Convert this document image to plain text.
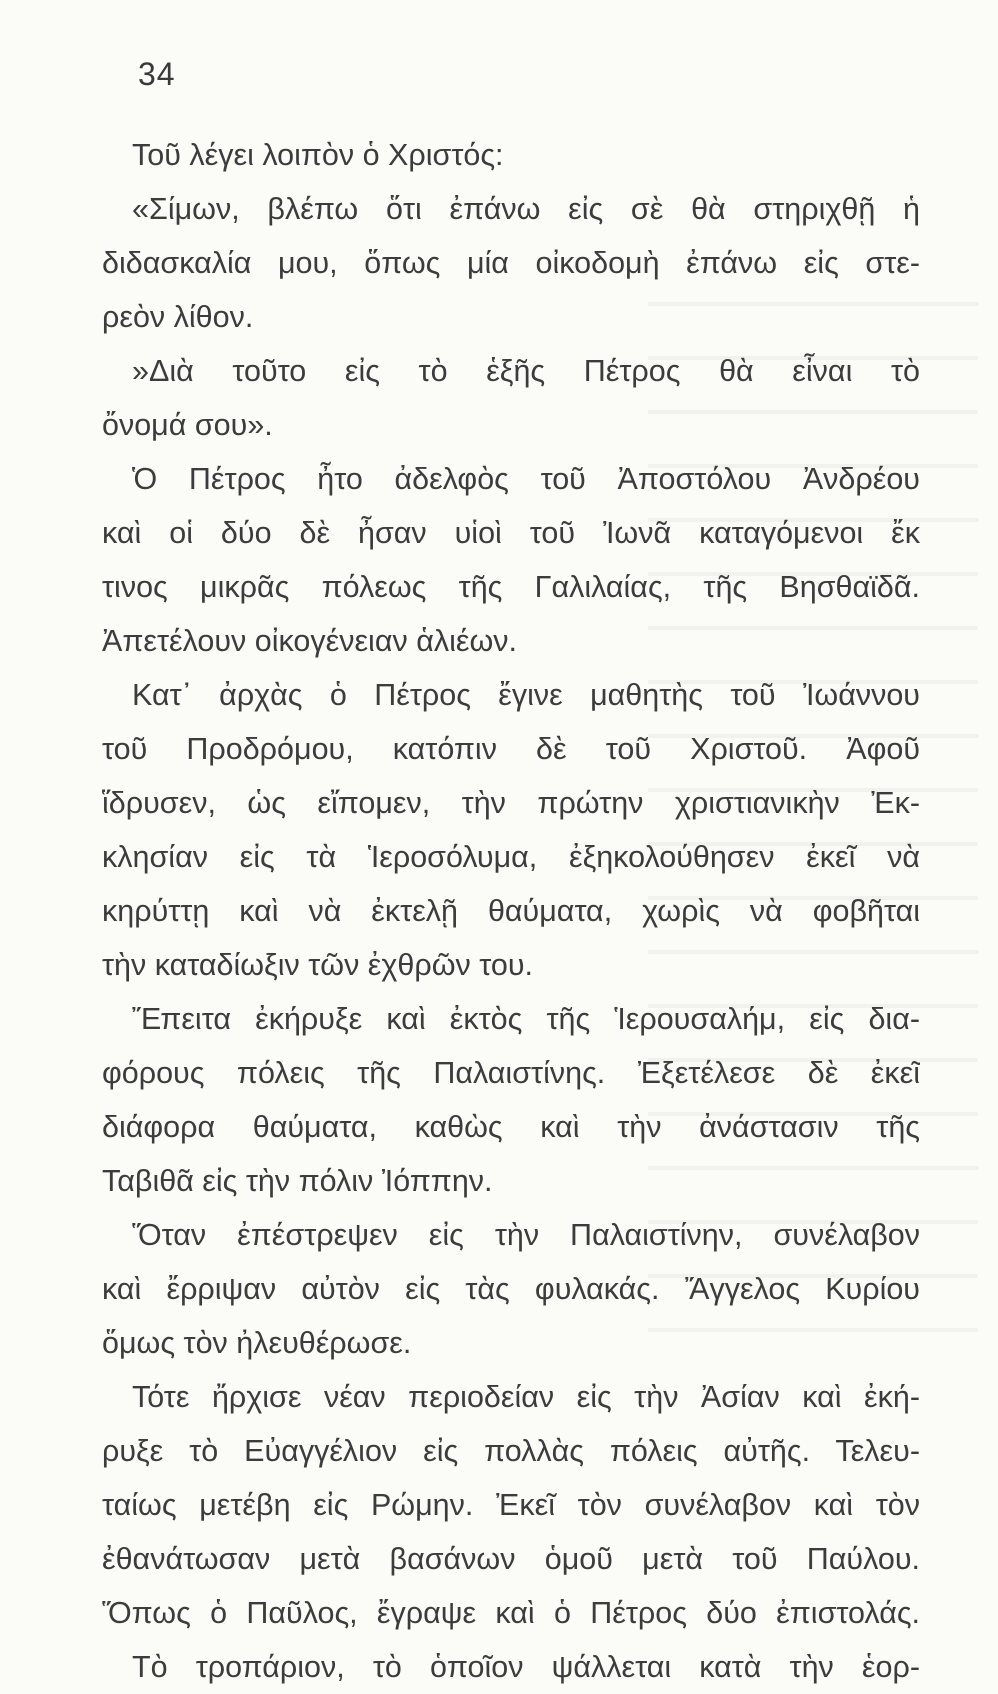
34
Τοῦ λέγει λοιπὸν ὁ Χριστός:
«Σίμων, βλέπω ὅτι ἐπάνω εἰς σὲ θὰ στηριχθῇ ἡ
διδασκαλία μου, ὅπως μία οἰκοδομὴ ἐπάνω εἰς στε-
ρεὸν λίθον.
»Διὰ τοῦτο εἰς τὸ ἑξῆς Πέτρος θὰ εἶναι τὸ
ὄνομά σου».
Ὁ Πέτρος ἦτο ἀδελφὸς τοῦ Ἀποστόλου Ἀνδρέου
καὶ οἱ δύο δὲ ἦσαν υἱοὶ τοῦ Ἰωνᾶ καταγόμενοι ἔκ
τινος μικρᾶς πόλεως τῆς Γαλιλαίας, τῆς Βησθαϊδᾶ.
Ἀπετέλουν οἰκογένειαν ἁλιέων.
Κατ᾿ ἀρχὰς ὁ Πέτρος ἔγινε μαθητὴς τοῦ Ἰωάννου
τοῦ Προδρόμου, κατόπιν δὲ τοῦ Χριστοῦ. Ἀφοῦ
ἵδρυσεν, ὡς εἴπομεν, τὴν πρώτην χριστιανικὴν Ἐκ-
κλησίαν εἰς τὰ Ἱεροσόλυμα, ἐξηκολούθησεν ἐκεῖ νὰ
κηρύττῃ καὶ νὰ ἐκτελῇ θαύματα, χωρὶς νὰ φοβῆται
τὴν καταδίωξιν τῶν ἐχθρῶν του.
Ἔπειτα ἐκήρυξε καὶ ἐκτὸς τῆς Ἱερουσαλήμ, εἰς δια-
φόρους πόλεις τῆς Παλαιστίνης. Ἐξετέλεσε δὲ ἐκεῖ
διάφορα θαύματα, καθὼς καὶ τὴν ἀνάστασιν τῆς
Ταβιθᾶ εἰς τὴν πόλιν Ἰόππην.
Ὅταν ἐπέστρεψεν εἰς τὴν Παλαιστίνην, συνέλαβον
καὶ ἔρριψαν αὐτὸν εἰς τὰς φυλακάς. Ἄγγελος Κυρίου
ὅμως τὸν ἠλευθέρωσε.
Τότε ἤρχισε νέαν περιοδείαν εἰς τὴν Ἀσίαν καὶ ἐκή-
ρυξε τὸ Εὐαγγέλιον εἰς πολλὰς πόλεις αὐτῆς. Τελευ-
ταίως μετέβη εἰς Ρώμην. Ἐκεῖ τὸν συνέλαβον καὶ τὸν
ἐθανάτωσαν μετὰ βασάνων ὁμοῦ μετὰ τοῦ Παύλου.
Ὅπως ὁ Παῦλος, ἔγραψε καὶ ὁ Πέτρος δύο ἐπιστολάς.
Τὸ τροπάριον, τὸ ὁποῖον ψάλλεται κατὰ τὴν ἑορ-
